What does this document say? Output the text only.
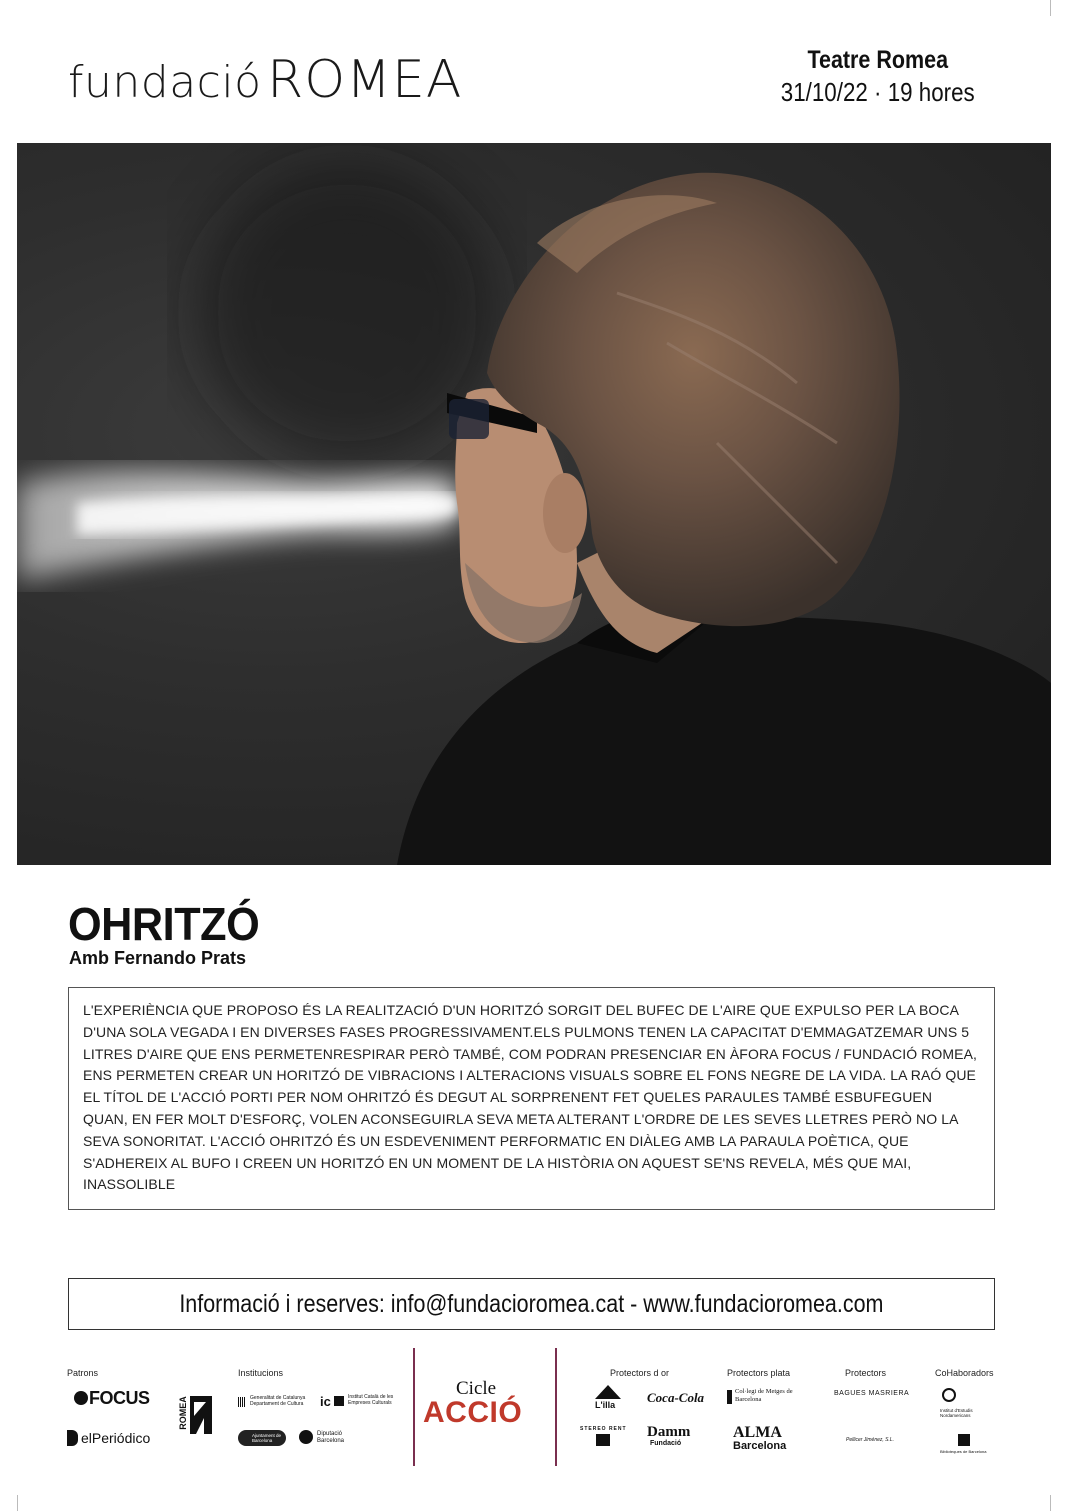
fundació ROMEA	Teatre Romea
31/10/22 · 19 hores
OHRITZÓ
Amb Fernando Prats

L'EXPERIÈNCIA QUE PROPOSO ÉS LA REALITZACIÓ D'UN HORITZÓ SORGIT DEL BUFEC DE L'AIRE QUE EXPULSO PER LA BOCA D'UNA SOLA VEGADA I EN DIVERSES FASES PROGRESSIVAMENT.ELS PULMONS TENEN LA CAPACITAT D'EMMAGATZEMAR UNS 5 LITRES D'AIRE QUE ENS PERMETENRESPIRAR PERÒ TAMBÉ, COM PODRAN PRESENCIAR EN ÀFORA FOCUS / FUNDACIÓ ROMEA, ENS PERMETEN CREAR UN HORITZÓ DE VIBRACIONS I ALTERACIONS VISUALS SOBRE EL FONS NEGRE DE LA VIDA. LA RAÓ QUE EL TÍTOL DE L'ACCIÓ PORTI PER NOM OHRITZÓ ÉS DEGUT AL SORPRENENT FET QUELES PARAULES TAMBÉ ESBUFEGUEN QUAN, EN FER MOLT D'ESFORÇ, VOLEN ACONSEGUIRLA SEVA META ALTERANT L'ORDRE DE LES SEVES LLETRES PERÒ NO LA SEVA SONORITAT. L'ACCIÓ OHRITZÓ ÉS UN ESDEVENIMENT PERFORMATIC EN DIÀLEG AMB LA PARAULA POÈTICA, QUE S'ADHEREIX AL BUFO I CREEN UN HORITZÓ EN UN MOMENT DE LA HISTÒRIA ON AQUEST SE'NS REVELA, MÉS QUE MAI, INASSOLIBLE

Informació i reserves: info@fundacioromea.cat - www.fundacioromea.com
Patrons	Institucions	Protectors d or	Protectors plata	Protectors	CoHaboradors
FOCUS
elPeriódico
ROMEA	Generalitat de Catalunya Departament de Cultura	ic	Institut Català de les Empreses Culturals
Ajuntament de Barcelona
Diputació Barcelona
Cicle
ACCIÓ	L'illa Coca-Cola
STEREO RENT Damm
Fundació
Col·legi de Metges de Barcelona
ALMA
Barcelona
BAGUES MASRIERA
Pellicer Jiménez, S.L.
Institut d'Estudis Nordamericans
Biblioteques de Barcelona
